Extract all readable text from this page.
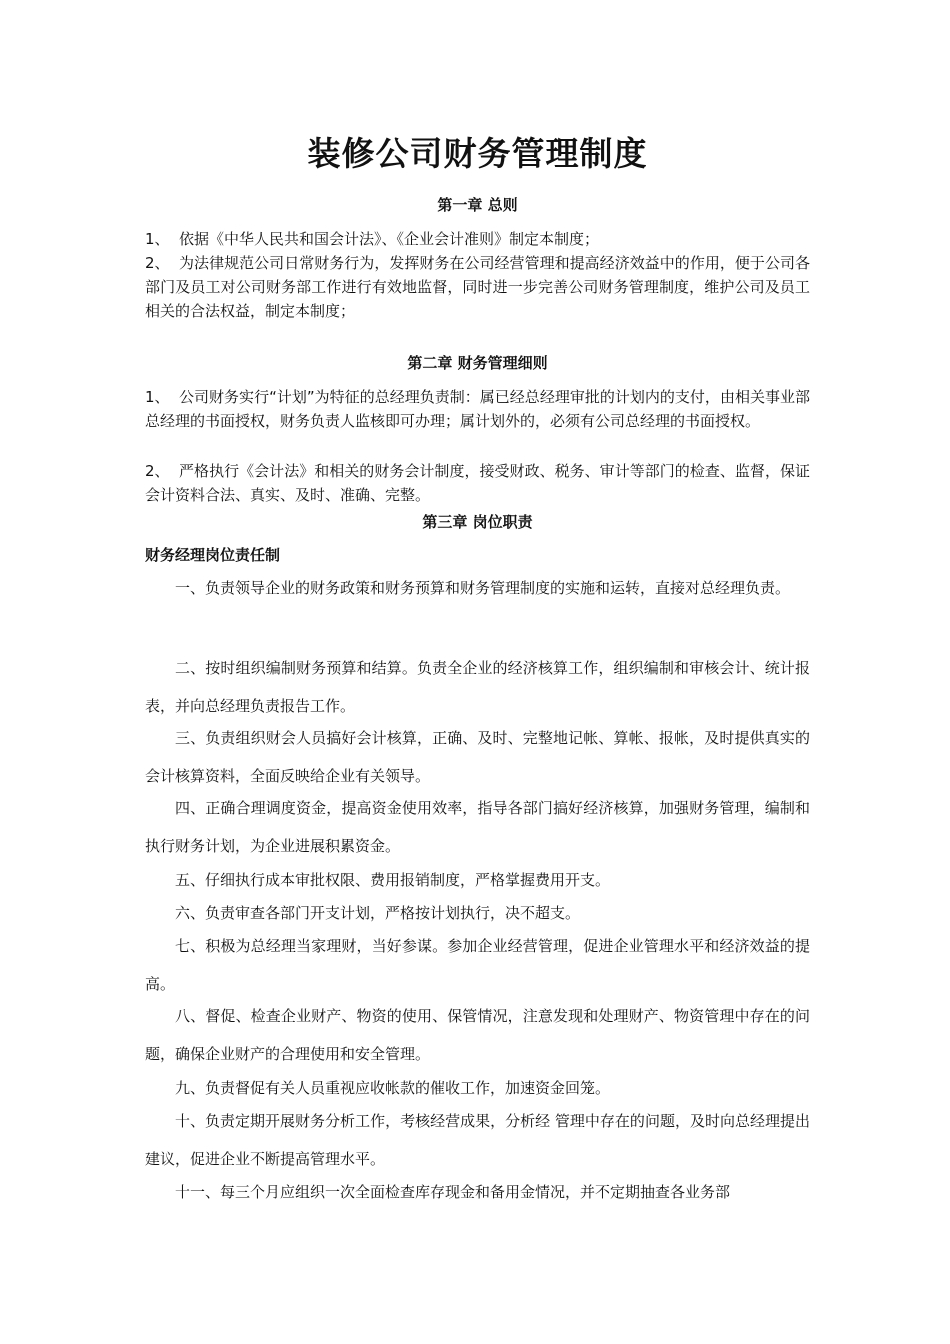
装修公司财务管理制度
第一章 总则
1、 依据《中华人民共和国会计法》、《企业会计准则》制定本制度；
2、 为法律规范公司日常财务行为，发挥财务在公司经营管理和提高经济效益中的作用，便于公司各部门及员工对公司财务部工作进行有效地监督，同时进一步完善公司财务管理制度，维护公司及员工相关的合法权益，制定本制度；
第二章 财务管理细则
1、 公司财务实行“计划”为特征的总经理负责制：属已经总经理审批的计划内的支付，由相关事业部总经理的书面授权，财务负责人监核即可办理；属计划外的，必须有公司总经理的书面授权。
2、 严格执行《会计法》和相关的财务会计制度，接受财政、税务、审计等部门的检查、监督，保证会计资料合法、真实、及时、准确、完整。
第三章 岗位职责
财务经理岗位责任制
一、负责领导企业的财务政策和财务预算和财务管理制度的实施和运转，直接对总经理负责。
二、按时组织编制财务预算和结算。负责全企业的经济核算工作，组织编制和审核会计、统计报表，并向总经理负责报告工作。
三、负责组织财会人员搞好会计核算，正确、及时、完整地记帐、算帐、报帐，及时提供真实的会计核算资料，全面反映给企业有关领导。
四、正确合理调度资金，提高资金使用效率，指导各部门搞好经济核算，加强财务管理，编制和执行财务计划，为企业进展积累资金。
五、仔细执行成本审批权限、费用报销制度，严格掌握费用开支。
六、负责审查各部门开支计划，严格按计划执行，决不超支。
七、积极为总经理当家理财，当好参谋。参加企业经营管理，促进企业管理水平和经济效益的提高。
八、督促、检查企业财产、物资的使用、保管情况，注意发现和处理财产、物资管理中存在的问题，确保企业财产的合理使用和安全管理。
九、负责督促有关人员重视应收帐款的催收工作，加速资金回笼。
十、负责定期开展财务分析工作，考核经营成果，分析经 管理中存在的问题，及时向总经理提出建议，促进企业不断提高管理水平。
十一、每三个月应组织一次全面检查库存现金和备用金情况，并不定期抽查各业务部
